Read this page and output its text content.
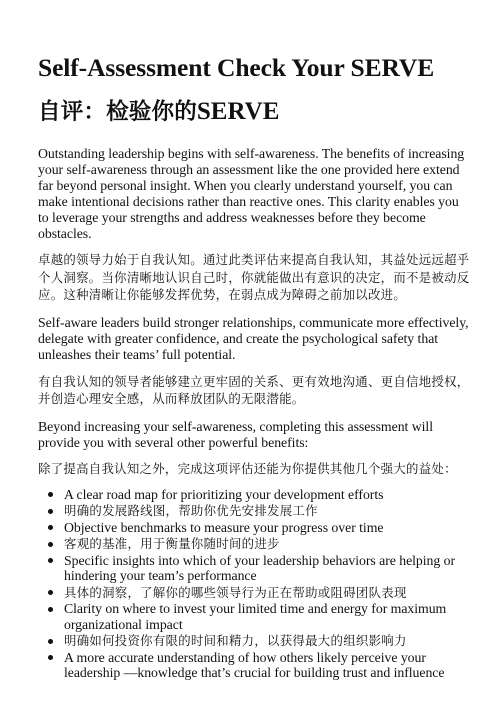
Self-Assessment Check Your SERVE
自评：检验你的SERVE

Outstanding leadership begins with self-awareness. The benefits of increasing your self-awareness through an assessment like the one provided here extend far beyond personal insight. When you clearly understand yourself, you can make intentional decisions rather than reactive ones. This clarity enables you to leverage your strengths and address weaknesses before they become obstacles.

卓越的领导力始于自我认知。通过此类评估来提高自我认知，其益处远远超乎个人洞察。当你清晰地认识自己时，你就能做出有意识的决定，而不是被动反应。这种清晰让你能够发挥优势，在弱点成为障碍之前加以改进。

Self-aware leaders build stronger relationships, communicate more effectively, delegate with greater confidence, and create the psychological safety that unleashes their teams’ full potential.

有自我认知的领导者能够建立更牢固的关系、更有效地沟通、更自信地授权，并创造心理安全感，从而释放团队的无限潜能。

Beyond increasing your self-awareness, completing this assessment will provide you with several other powerful benefits:

除了提高自我认知之外，完成这项评估还能为你提供其他几个强大的益处：

A clear road map for prioritizing your development efforts
明确的发展路线图，帮助你优先安排发展工作
Objective benchmarks to measure your progress over time
客观的基准，用于衡量你随时间的进步
Specific insights into which of your leadership behaviors are helping or hindering your team’s performance
具体的洞察，了解你的哪些领导行为正在帮助或阻碍团队表现
Clarity on where to invest your limited time and energy for maximum organizational impact
明确如何投资你有限的时间和精力，以获得最大的组织影响力
A more accurate understanding of how others likely perceive your leadership —knowledge that’s crucial for building trust and influence
